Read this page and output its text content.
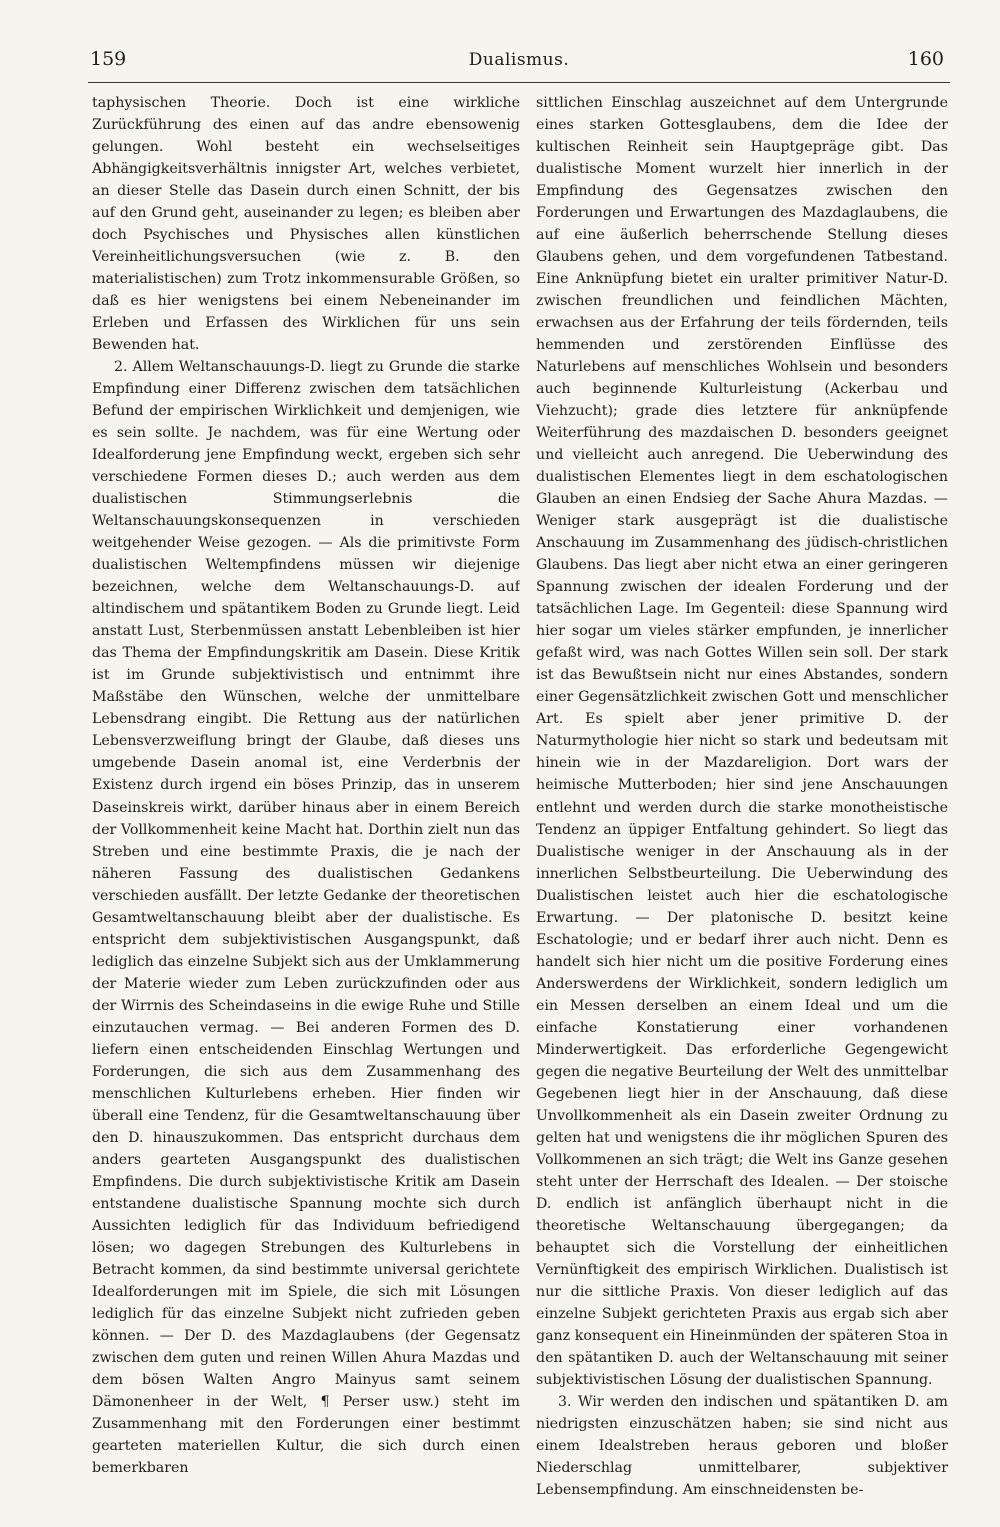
159	Dualismus.	160

taphysischen Theorie. Doch ist eine wirkliche Zurückführung des einen auf das andre ebensowenig gelungen. Wohl besteht ein wechselseitiges Abhängigkeitsverhältnis innigster Art, welches verbietet, an dieser Stelle das Dasein durch einen Schnitt, der bis auf den Grund geht, auseinander zu legen; es bleiben aber doch Psychisches und Physisches allen künstlichen Vereinheitlichungsversuchen (wie z. B. den materialistischen) zum Trotz inkommensurable Größen, so daß es hier wenigstens bei einem Nebeneinander im Erleben und Erfassen des Wirklichen für uns sein Bewenden hat.

2. Allem Weltanschauungs-D. liegt zu Grunde die starke Empfindung einer Differenz zwischen dem tatsächlichen Befund der empirischen Wirklichkeit und demjenigen, wie es sein sollte. Je nachdem, was für eine Wertung oder Idealforderung jene Empfindung weckt, ergeben sich sehr verschiedene Formen dieses D.; auch werden aus dem dualistischen Stimmungserlebnis die Weltanschauungskonsequenzen in verschieden weitgehender Weise gezogen. — Als die primitivste Form dualistischen Weltempfindens müssen wir diejenige bezeichnen, welche dem Weltanschauungs-D. auf altindischem und spätantikem Boden zu Grunde liegt. Leid anstatt Lust, Sterbenmüssen anstatt Lebenbleiben ist hier das Thema der Empfindungskritik am Dasein. Diese Kritik ist im Grunde subjektivistisch und entnimmt ihre Maßstäbe den Wünschen, welche der unmittelbare Lebensdrang eingibt. Die Rettung aus der natürlichen Lebensverzweiflung bringt der Glaube, daß dieses uns umgebende Dasein anomal ist, eine Verderbnis der Existenz durch irgend ein böses Prinzip, das in unserem Daseinskreis wirkt, darüber hinaus aber in einem Bereich der Vollkommenheit keine Macht hat. Dorthin zielt nun das Streben und eine bestimmte Praxis, die je nach der näheren Fassung des dualistischen Gedankens verschieden ausfällt. Der letzte Gedanke der theoretischen Gesamtweltanschauung bleibt aber der dualistische. Es entspricht dem subjektivistischen Ausgangspunkt, daß lediglich das einzelne Subjekt sich aus der Umklammerung der Materie wieder zum Leben zurückzufinden oder aus der Wirrnis des Scheindaseins in die ewige Ruhe und Stille einzutauchen vermag. — Bei anderen Formen des D. liefern einen entscheidenden Einschlag Wertungen und Forderungen, die sich aus dem Zusammenhang des menschlichen Kulturlebens erheben. Hier finden wir überall eine Tendenz, für die Gesamtweltanschauung über den D. hinauszukommen. Das entspricht durchaus dem anders gearteten Ausgangspunkt des dualistischen Empfindens. Die durch subjektivistische Kritik am Dasein entstandene dualistische Spannung mochte sich durch Aussichten lediglich für das Individuum befriedigend lösen; wo dagegen Strebungen des Kulturlebens in Betracht kommen, da sind bestimmte universal gerichtete Idealforderungen mit im Spiele, die sich mit Lösungen lediglich für das einzelne Subjekt nicht zufrieden geben können. — Der D. des Mazdaglaubens (der Gegensatz zwischen dem guten und reinen Willen Ahura Mazdas und dem bösen Walten Angro Mainyus samt seinem Dämonenheer in der Welt, ¶ Perser usw.) steht im Zusammenhang mit den Forderungen einer bestimmt gearteten materiellen Kultur, die sich durch einen bemerkbaren

sittlichen Einschlag auszeichnet auf dem Untergrunde eines starken Gottesglaubens, dem die Idee der kultischen Reinheit sein Hauptgepräge gibt. Das dualistische Moment wurzelt hier innerlich in der Empfindung des Gegensatzes zwischen den Forderungen und Erwartungen des Mazdaglaubens, die auf eine äußerlich beherrschende Stellung dieses Glaubens gehen, und dem vorgefundenen Tatbestand. Eine Anknüpfung bietet ein uralter primitiver Natur-D. zwischen freundlichen und feindlichen Mächten, erwachsen aus der Erfahrung der teils fördernden, teils hemmenden und zerstörenden Einflüsse des Naturlebens auf menschliches Wohlsein und besonders auch beginnende Kulturleistung (Ackerbau und Viehzucht); grade dies letztere für anknüpfende Weiterführung des mazdaischen D. besonders geeignet und vielleicht auch anregend. Die Ueberwindung des dualistischen Elementes liegt in dem eschatologischen Glauben an einen Endsieg der Sache Ahura Mazdas. — Weniger stark ausgeprägt ist die dualistische Anschauung im Zusammenhang des jüdisch-christlichen Glaubens. Das liegt aber nicht etwa an einer geringeren Spannung zwischen der idealen Forderung und der tatsächlichen Lage. Im Gegenteil: diese Spannung wird hier sogar um vieles stärker empfunden, je innerlicher gefaßt wird, was nach Gottes Willen sein soll. Der stark ist das Bewußtsein nicht nur eines Abstandes, sondern einer Gegensätzlichkeit zwischen Gott und menschlicher Art. Es spielt aber jener primitive D. der Naturmythologie hier nicht so stark und bedeutsam mit hinein wie in der Mazdareligion. Dort wars der heimische Mutterboden; hier sind jene Anschauungen entlehnt und werden durch die starke monotheistische Tendenz an üppiger Entfaltung gehindert. So liegt das Dualistische weniger in der Anschauung als in der innerlichen Selbstbeurteilung. Die Ueberwindung des Dualistischen leistet auch hier die eschatologische Erwartung. — Der platonische D. besitzt keine Eschatologie; und er bedarf ihrer auch nicht. Denn es handelt sich hier nicht um die positive Forderung eines Anderswerdens der Wirklichkeit, sondern lediglich um ein Messen derselben an einem Ideal und um die einfache Konstatierung einer vorhandenen Minderwertigkeit. Das erforderliche Gegengewicht gegen die negative Beurteilung der Welt des unmittelbar Gegebenen liegt hier in der Anschauung, daß diese Unvollkommenheit als ein Dasein zweiter Ordnung zu gelten hat und wenigstens die ihr möglichen Spuren des Vollkommenen an sich trägt; die Welt ins Ganze gesehen steht unter der Herrschaft des Idealen. — Der stoische D. endlich ist anfänglich überhaupt nicht in die theoretische Weltanschauung übergegangen; da behauptet sich die Vorstellung der einheitlichen Vernünftigkeit des empirisch Wirklichen. Dualistisch ist nur die sittliche Praxis. Von dieser lediglich auf das einzelne Subjekt gerichteten Praxis aus ergab sich aber ganz konsequent ein Hineinmünden der späteren Stoa in den spätantiken D. auch der Weltanschauung mit seiner subjektivistischen Lösung der dualistischen Spannung.

3. Wir werden den indischen und spätantiken D. am niedrigsten einzuschätzen haben; sie sind nicht aus einem Idealstreben heraus geboren und bloßer Niederschlag unmittelbarer, subjektiver Lebensempfindung. Am einschneidensten be-
